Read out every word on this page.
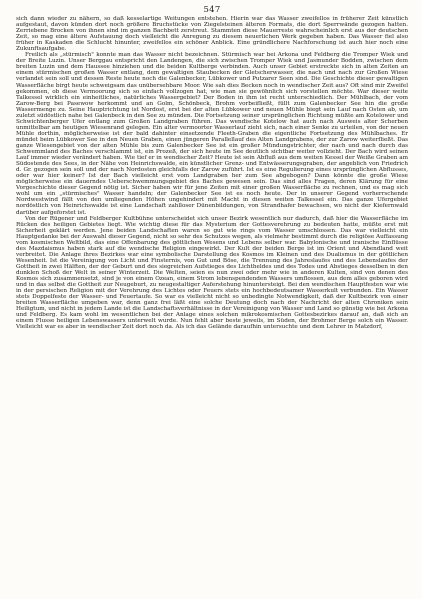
547

sich dann wieder zu nähern, so daß kesselartige Weitungen entstehen. Hierin war das Wasser zweifellos in früherer Zeit künstlich aufgestaut, davon künden dort noch größere Bruchstücke von Ziegelsteinen älteren Formats, die dort Sperrwände gezogen hatten. Zerriebene Brocken von ihnen sind im ganzen Bachbett zerstreut. Stammten diese Mauerreste wahrscheinlich erst aus der deutschen Zeit, so mag eine ältere Aufstauung doch vielleicht die Anregung zu diesem neuerlichen Werk gegeben haben. Das Wasser fiel also früher in Kaskaden die Schlucht hinunter, zweifellos ein schöner Anblick. Eine gründlichere Nachforschung ist auch hier noch eine Zukunftsaufgabe.

Freilich als „stürmisch" konnte man das Wasser nicht bezeichnen. Stürmisch war bei Arkona und Feldberg die Tromper Wiek und der Breite Luzin. Unser Berggau entspricht den Landengen, die sich zwischen Tromper Wiek und Jasmunder Bodden, zwischen dem breiten Luzin und dem Haussee hinziehen und die beiden Kultberge verbinden. Auch unser Gebiet erstreckte sich in alten Zeiten an einem stürmischen großen Wasser entlang, dem gewaltigen Staubecken der Gletscherwasser, die nach und nach zur Großen Wiese verlandet sein soll und dessen Reste heute noch die Galenbecker, Lübkower und Putzarer Seen sind. Die Geschichte dieser gewaltigen Wasserfläche birgt heute schweigsam das unübersehbare Moor. Wie sah dies Becken noch in wendischer Zeit aus? Oft sind mir Zweifel gekommen, ob diese Vermoorung sich so einfach vollzogen hat, wie man sie gewöhnlich sich vorstellen möchte. War dieser weite Talkessel wirklich ein einheitliches, natürliches Wassergebiet? Der Boden in ihm ist recht unterschiedlich. Der Mühlbach, der vom Zarow-Berg bei Pasewow herkommt und an Golm, Schönbeck, Brohm vorbeifließt, füllt zum Galenbecker See hin die große Wassermenge zu. Seine Hauptrichtung ist Nordost, erst bei der alten Lübkower und neuen Mühle biegt sein Lauf nach Osten ab, um zuletzt südöstlich nahe bei Galenbeck in den See zu münden. Die Fortsetzung seiner ursprünglichen Richtung müßte am Kotelower und Schwichtenberger Ufer entlang zum Großen Landgraben führen. Das wendische Kotelow hat auch nach Ausweis alter Scherben unmittelbar am heutigen Wiesenrand gelegen. Ein alter vermoorter Wasserlauf zieht sich, nach einer Senke zu urteilen, von der neuen Mühle dorthin, möglicherweise ist der bald dahinter einsetzende Fleeth-Graben die eigentliche Fortsetzung des Mühlbaches. Er mündet beim Lübkower See in den Neuen Graben, einen jüngeren Parallellauf des Alten Landgrabens, der zur Zarow weiterfließt. Das ganze Wiesengebiet von der alten Mühle bis zum Galenbecker See ist ein großer Mündungstrichter, der nach und nach durch das Schwemmland des Baches verschlammt ist, ein Prozeß, der sich heute im See deutlich sichtbar weiter vollzieht. Der Bach wird seinen Lauf immer wieder verändert haben. Wie tief er in wendischer Zeit? Heute ist sein Abfluß aus dem weiten Kessel der Weiße Graben am Südostende des Sees, in der Nähe von Heinrichswalde, ein künstlicher Grenz- und Entwässerungsgraben, der angeblich von Friedrich d. Gr. gezogen sein soll und der nach Nordosten gleichfalls der Zarow zuführt. Ist es eine Regulierung eines ursprünglichen Abflusses, oder war hier keiner? Ist der Bach vielleicht erst vom Landgraben her zum See abgebogen? Dann könnte die große Wiese möglicherweise ein dauerndes Ueberschwemmungsgebiet des Baches gewesen sein. Das sind alles Fragen, deren Klärung für eine Vorgeschichte dieser Gegend nötig ist. Sicher haben wir für jene Zeiten mit einer großen Wasserfläche zu rechnen, und es mag sich wohl um ein „stürmisches" Wasser handeln; der Galenbecker See ist es noch heute. Der in unserer Gegend vorherrschende Nordwestwind fällt von den umliegenden Höhen ungehindert mit Macht in diesen weiten Talkessel ein. Das ganze Ufergebiet nordöstlich von Heinrichswalde ist eine Landschaft zahlloser Dünenbildungen, von Strandhafer bewachsen, wo nicht der Kiefernwald darüber aufgeforstet ist.

Von der Rügener und Feldberger Kultbühne unterscheidet sich unser Bezirk wesentlich nur dadurch, daß hier die Wasserfläche im Rücken des heiligen Gebietes liegt. Wie wichtig diese für das Mysterium der Gottesverehrung zu bedeuten hatte, müßte erst mit Sicherheit geklärt werden. Jene beiden Landschaften waren so gut wie rings vom Wasser umschlossen. Das war vielleicht ein Hauptgedanke bei der Auswahl dieser Gegend, nicht so sehr des Schutzes wegen, als vielmehr bestimmt durch die religiöse Auffassung vom kosmischen Weltbild, das eine Offenbarung des göttlichen Wesens und Lebens selber war. Babylonische und iranische Einflüsse des Mazdaismus haben stark auf die wendische Religion eingewirkt. Der Kult der beiden Berge ist im Orient und Abendland weit verbreitet. Die Anlage ihres Bezirkes war eine symbolische Darstellung des Kosmos im Kleinen und des Dualismus in der göttlichen Wesenheit. Ist die Vereinigung von Licht und Finsternis, von Gut und Böse, die Trennung des Jahreslaufes und des Lebenslaufes der Gottheit in zwei Hälften, der der Geburt und des siegreichen Aufstieges des Lichtheldes und des Todes und Abstieges desselben in den dunklen Schoß der Welt in seiner Winterzeit. Die Welten, seien es nun zwei oder mehr wie in anderen Kulten, sind von denen des Kosmos sich zusammensetzt, sind je von einem Ozean, einem Strom lebenspendenden Wassers umflossen, aus dem alles geboren wird und in das selbst die Gottheit zur Neugeburt, zu neugestaltiger Auferstehung hinuntersteigt. Bei den wendischen Hauptfesten war wie in der persischen Religion mit der Verehrung des Lichtes oder Feuers stets ein hochbedeutsamer Wasserkult verbunden. Ein Wasser stets Doppelfeste der Wasser- und Feuertaufe. So war es vielleicht nicht so unbedingte Notwendigkeit, daß der Kultbezirk von einer breiten Wasserfläche umgeben war, denn ganz frei läßt eine solche Deutung doch nach der Nachricht der alten Chroniken sein Heiligtum, und nicht in jedem Lande ist die Landschaftsverhältnisse in der Vereinigung von Wasser und Land so günstig wie bei Arkona und Feldberg. Es kam wohl im wesentlichen bei der Anlage eines solchen mikrokosmischen Gottesbezirkes darauf an, daß sich an einem Flusse heiligen Lebenswassers unterwelt wurde. Nun fehlt aber beste jeweils, im Süden, der Brohmer Berge solch ein Wasser. Vielleicht war es aber in wendischer Zeit dort noch da. Als ich das Gelände daraufhin untersuchte und dem Lehrer in Matzdorf,
